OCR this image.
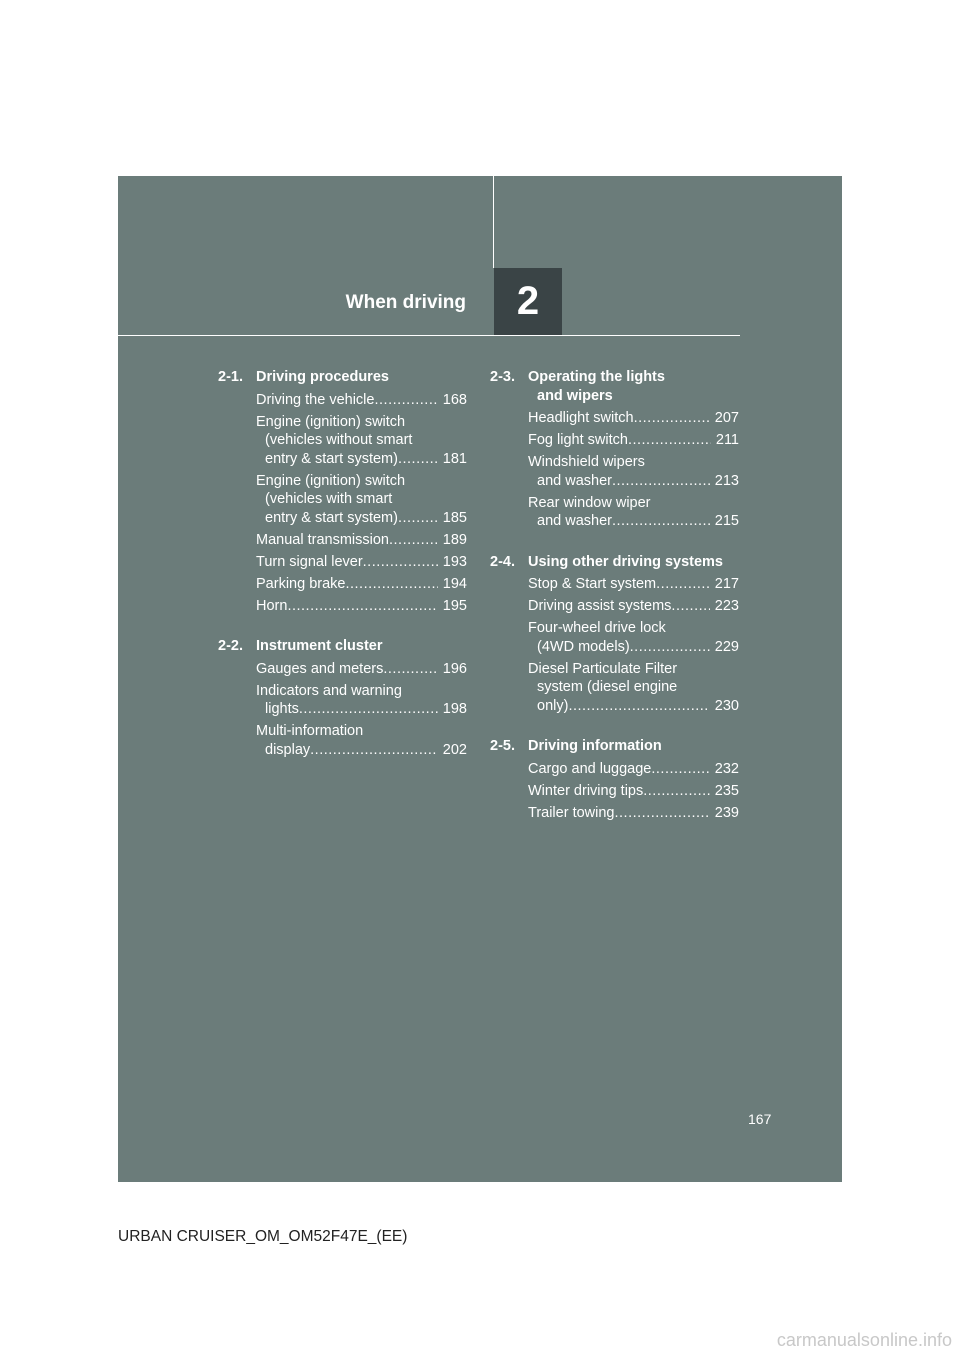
2
When driving
2-1. Driving procedures
Driving the vehicle .....	168
Engine (ignition) switch
(vehicles without smart
entry & start system) .....	181
Engine (ignition) switch
(vehicles with smart
entry & start system) .....	185
Manual transmission .....	189
Turn signal lever .....	193
Parking brake .....	194
Horn .....	195
2-2. Instrument cluster
Gauges and meters .....	196
Indicators and warning
lights .....	198
Multi-information
display .....	202
2-3. Operating the lights
and wipers
Headlight switch .....	207
Fog light switch .....	211
Windshield wipers
and washer .....	213
Rear window wiper
and washer .....	215
2-4. Using other driving systems
Stop & Start system .....	217
Driving assist systems .....	223
Four-wheel drive lock
(4WD models) .....	229
Diesel Particulate Filter
system (diesel engine
only) .....	230
2-5. Driving information
Cargo and luggage .....	232
Winter driving tips .....	235
Trailer towing .....	239
167
URBAN CRUISER_OM_OM52F47E_(EE)
carmanualsonline.info
